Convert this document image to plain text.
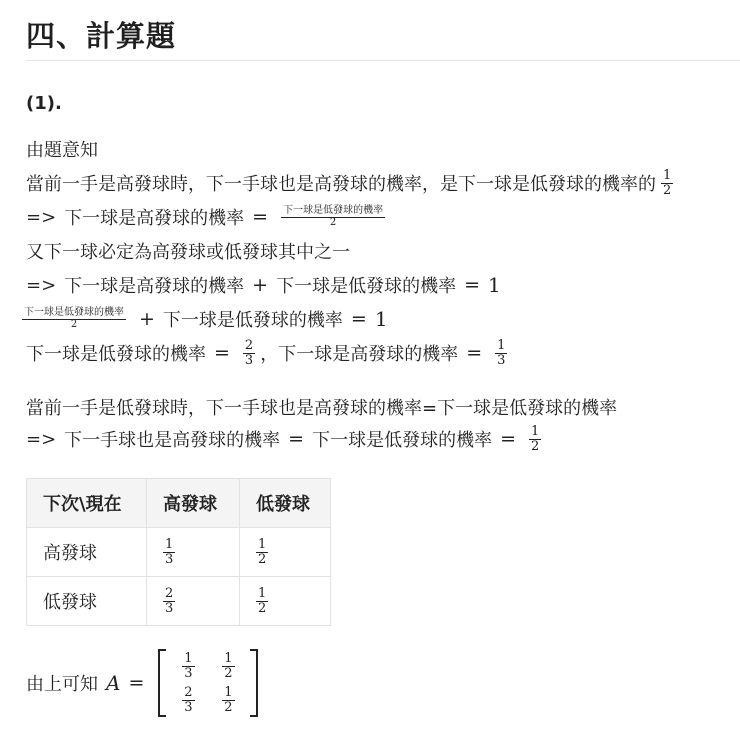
四、計算題
(1).
由題意知
當前一手是高發球時，下一手球也是高發球的機率，是下一球是低發球的機率的 $\frac{1}{2}$
=> 下一球是高發球的機率 = $\frac{\text{下一球是低發球的機率}}{2}$
又下一球必定為高發球或低發球其中之一
=> 下一球是高發球的機率 + 下一球是低發球的機率 = 1
$\frac{\text{下一球是低發球的機率}}{2}$ + 下一球是低發球的機率 = 1
下一球是低發球的機率 = $\frac{2}{3}$ ， 下一球是高發球的機率 = $\frac{1}{3}$
當前一手是低發球時，下一手球也是高發球的機率=下一球是低發球的機率
=> 下一手球也是高發球的機率 = 下一球是低發球的機率 = $\frac{1}{2}$
下次\現在	高發球	低發球
高發球	$\frac{1}{3}$	$\frac{1}{2}$

低發球	$\frac{2}{3}$	$\frac{1}{2}$
由上可知 A =
$\frac{1}{3} \frac{1}{2}$
$\frac{2}{3} \frac{1}{2}$
